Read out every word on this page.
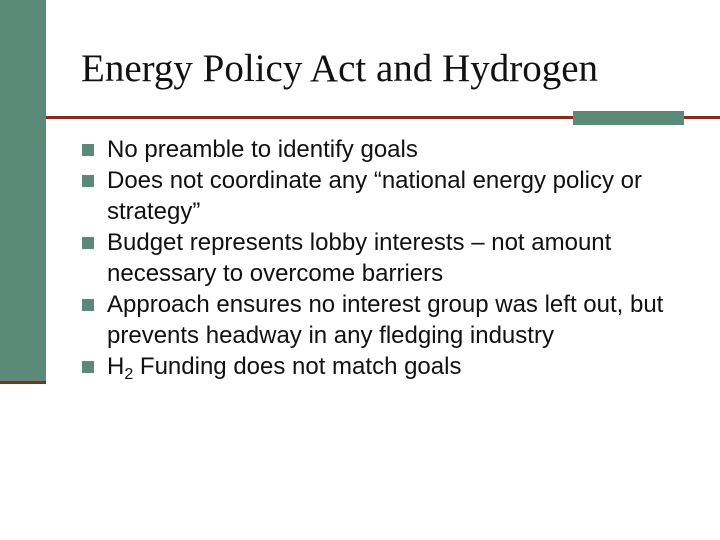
Energy Policy Act and Hydrogen
No preamble to identify goals
Does not coordinate any “national energy policy or strategy”
Budget represents lobby interests – not amount necessary to overcome barriers
Approach ensures no interest group was left out, but prevents headway in any fledging industry
$H_2$ Funding does not match goals
